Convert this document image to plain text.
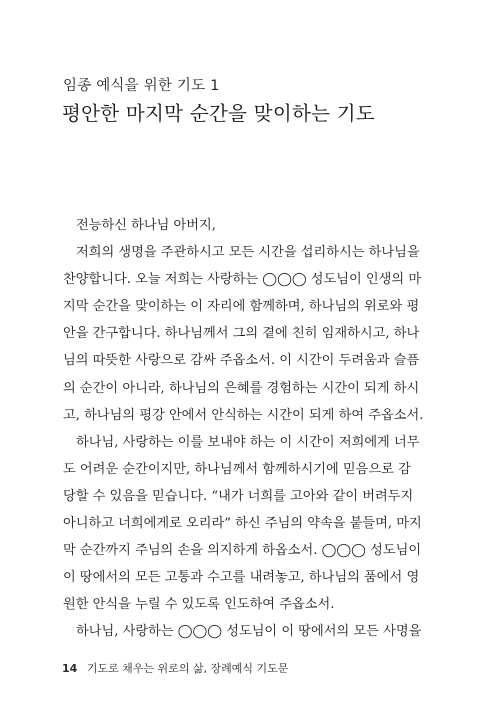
임종 예식을 위한 기도 1
평안한 마지막 순간을 맞이하는 기도
전능하신 하나님 아버지,
저희의 생명을 주관하시고 모든 시간을 섭리하시는 하나님을
찬양합니다. 오늘 저희는 사랑하는 ◯◯◯ 성도님이 인생의 마
지막 순간을 맞이하는 이 자리에 함께하며, 하나님의 위로와 평
안을 간구합니다. 하나님께서 그의 곁에 친히 임재하시고, 하나
님의 따뜻한 사랑으로 감싸 주옵소서. 이 시간이 두려움과 슬픔
의 순간이 아니라, 하나님의 은혜를 경험하는 시간이 되게 하시
고, 하나님의 평강 안에서 안식하는 시간이 되게 하여 주옵소서.
하나님, 사랑하는 이를 보내야 하는 이 시간이 저희에게 너무
도 어려운 순간이지만, 하나님께서 함께하시기에 믿음으로 감
당할 수 있음을 믿습니다. “내가 너희를 고아와 같이 버려두지
아니하고 너희에게로 오리라” 하신 주님의 약속을 붙들며, 마지
막 순간까지 주님의 손을 의지하게 하옵소서. ◯◯◯ 성도님이
이 땅에서의 모든 고통과 수고를 내려놓고, 하나님의 품에서 영
원한 안식을 누릴 수 있도록 인도하여 주옵소서.
하나님, 사랑하는 ◯◯◯ 성도님이 이 땅에서의 모든 사명을
14 기도로 채우는 위로의 삶, 장례예식 기도문
